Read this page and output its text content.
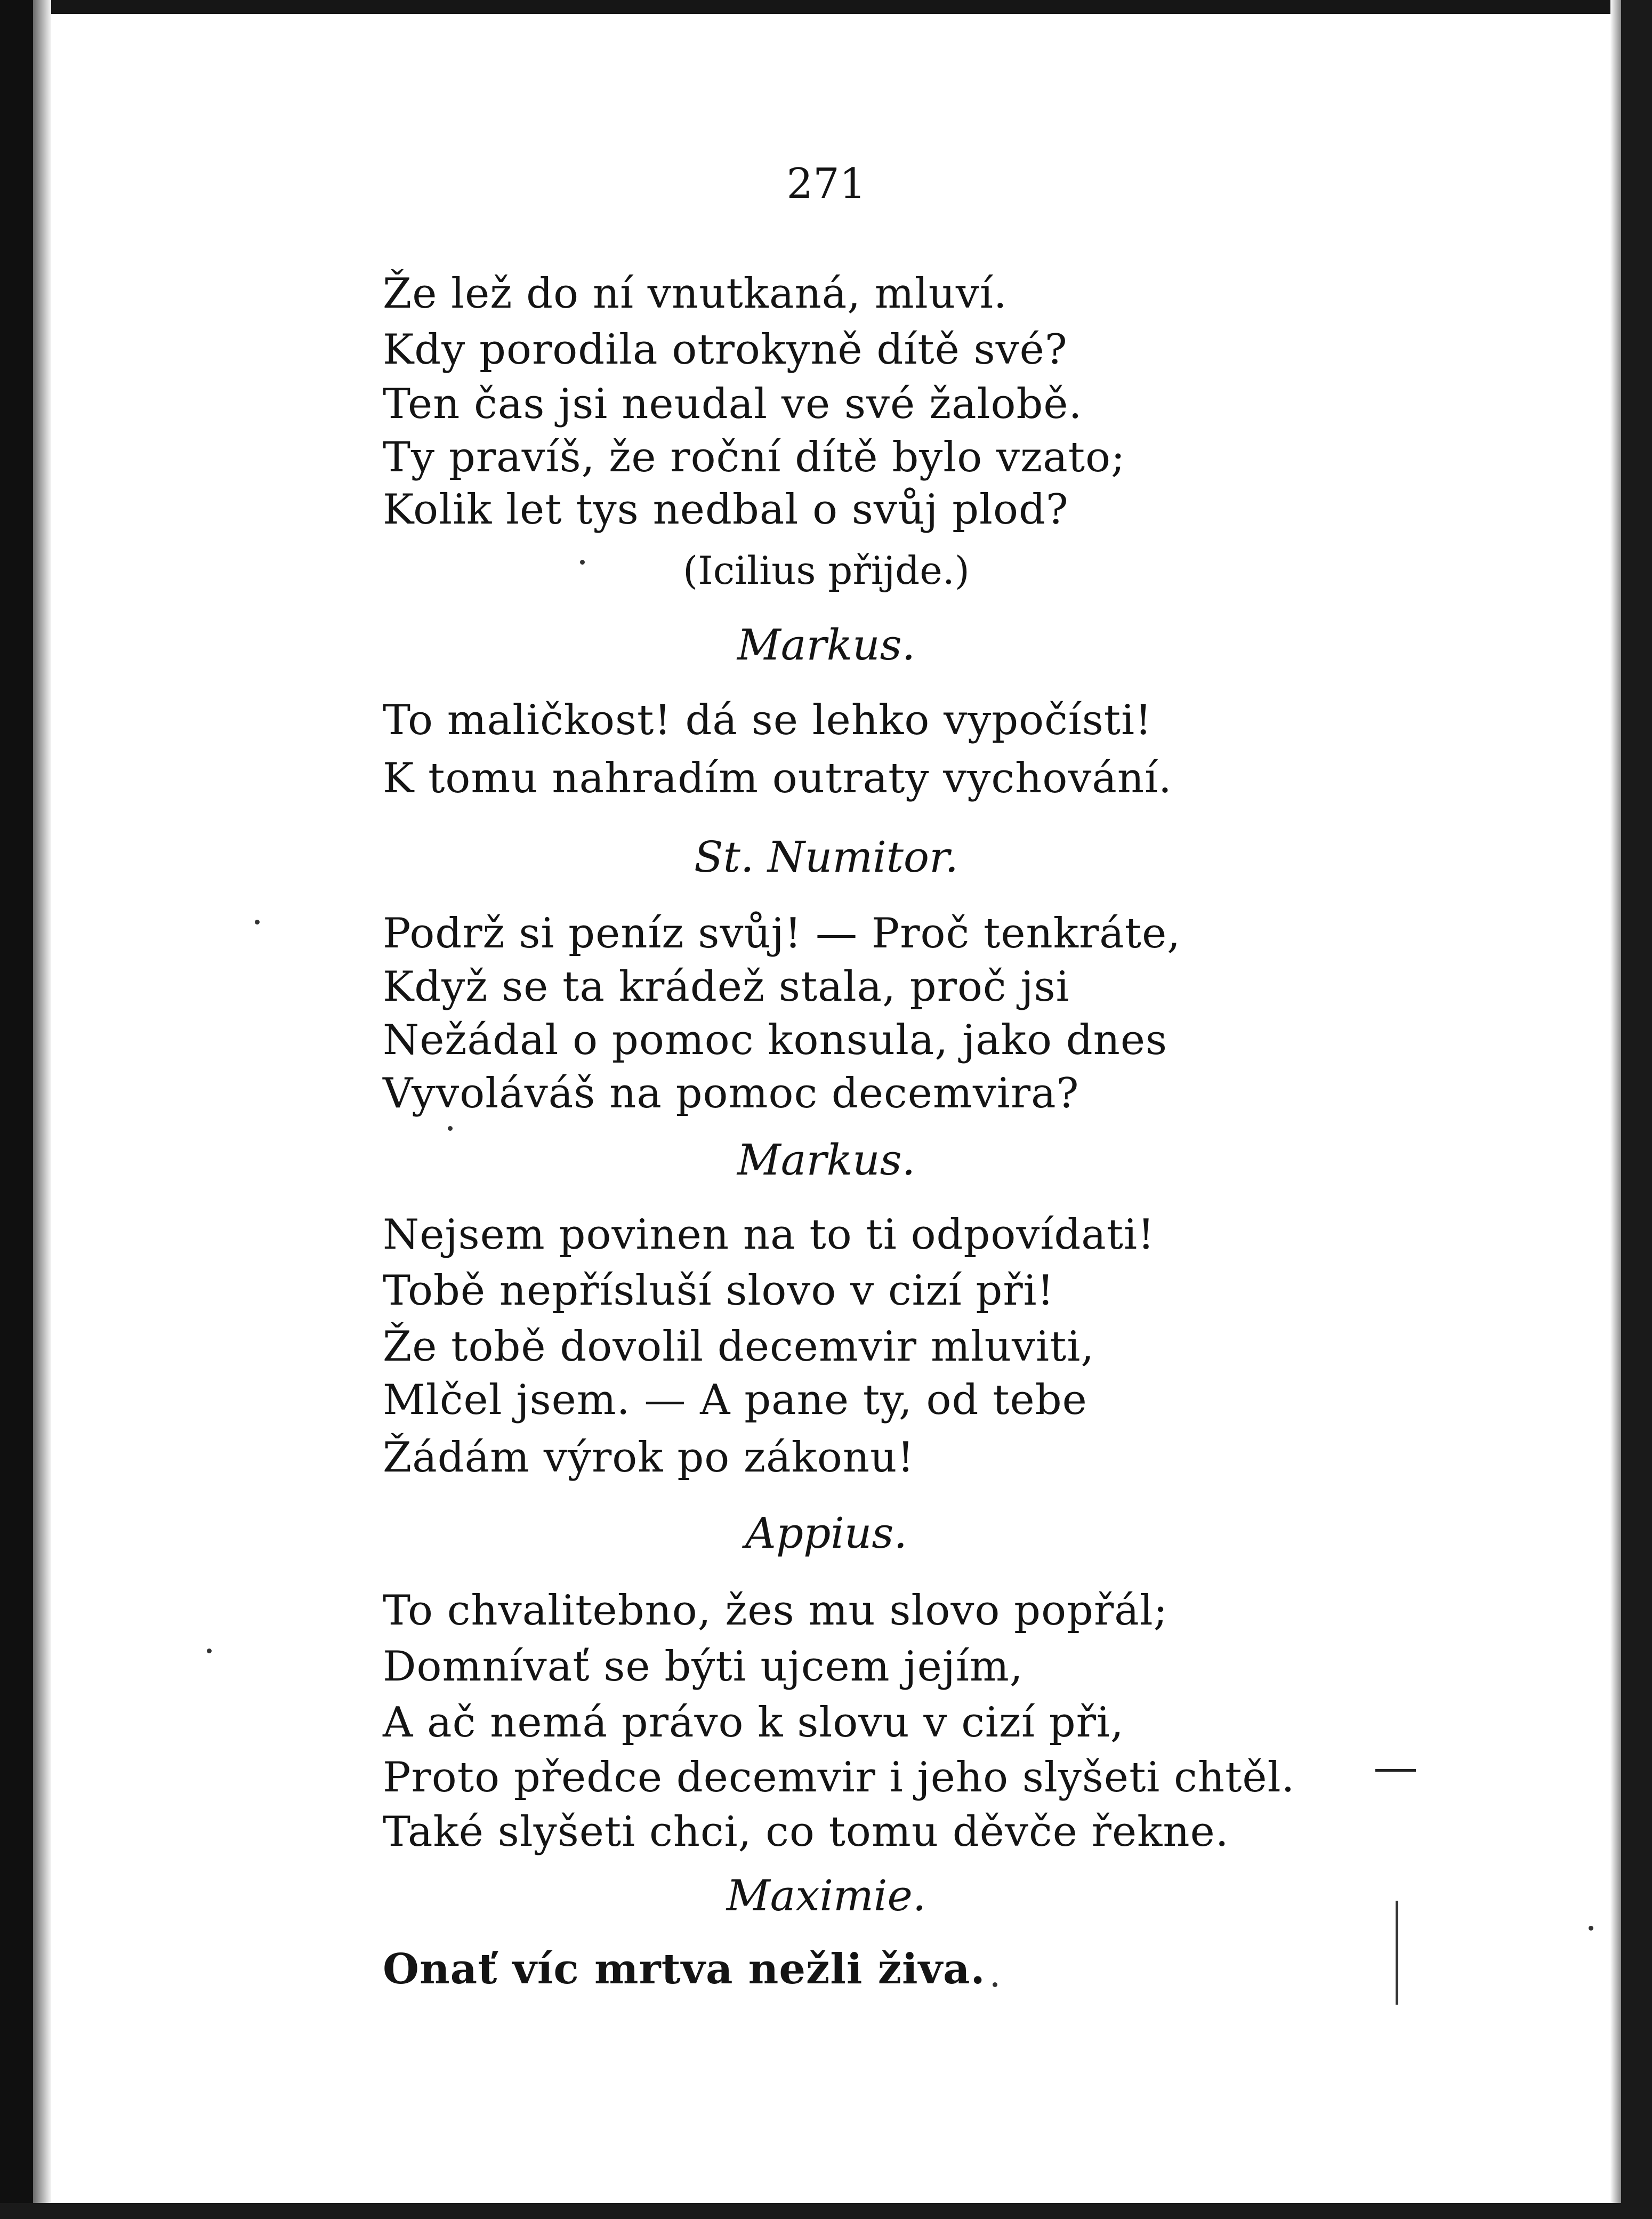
271
Že lež do ní vnutkaná, mluví.
Kdy porodila otrokyně dítě své?
Ten čas jsi neudal ve své žalobě.
Ty pravíš, že roční dítě bylo vzato;
Kolik let tys nedbal o svůj plod?
(Icilius přijde.)
Markus.
To maličkost! dá se lehko vypočísti!
K tomu nahradím outraty vychování.
St. Numitor.
Podrž si peníz svůj! — Proč tenkráte,
Když se ta krádež stala, proč jsi
Nežádal o pomoc konsula, jako dnes
Vyvoláváš na pomoc decemvira?
Markus.
Nejsem povinen na to ti odpovídati!
Tobě nepřísluší slovo v cizí při!
Že tobě dovolil decemvir mluviti,
Mlčel jsem. — A pane ty, od tebe
Žádám výrok po zákonu!
Appius.
To chvalitebno, žes mu slovo popřál;
Domnívať se býti ujcem jejím,
A ač nemá právo k slovu v cizí při,
Proto předce decemvir i jeho slyšeti chtěl.
Také slyšeti chci, co tomu děvče řekne.
Maximie.
Onať víc mrtva nežli živa.
